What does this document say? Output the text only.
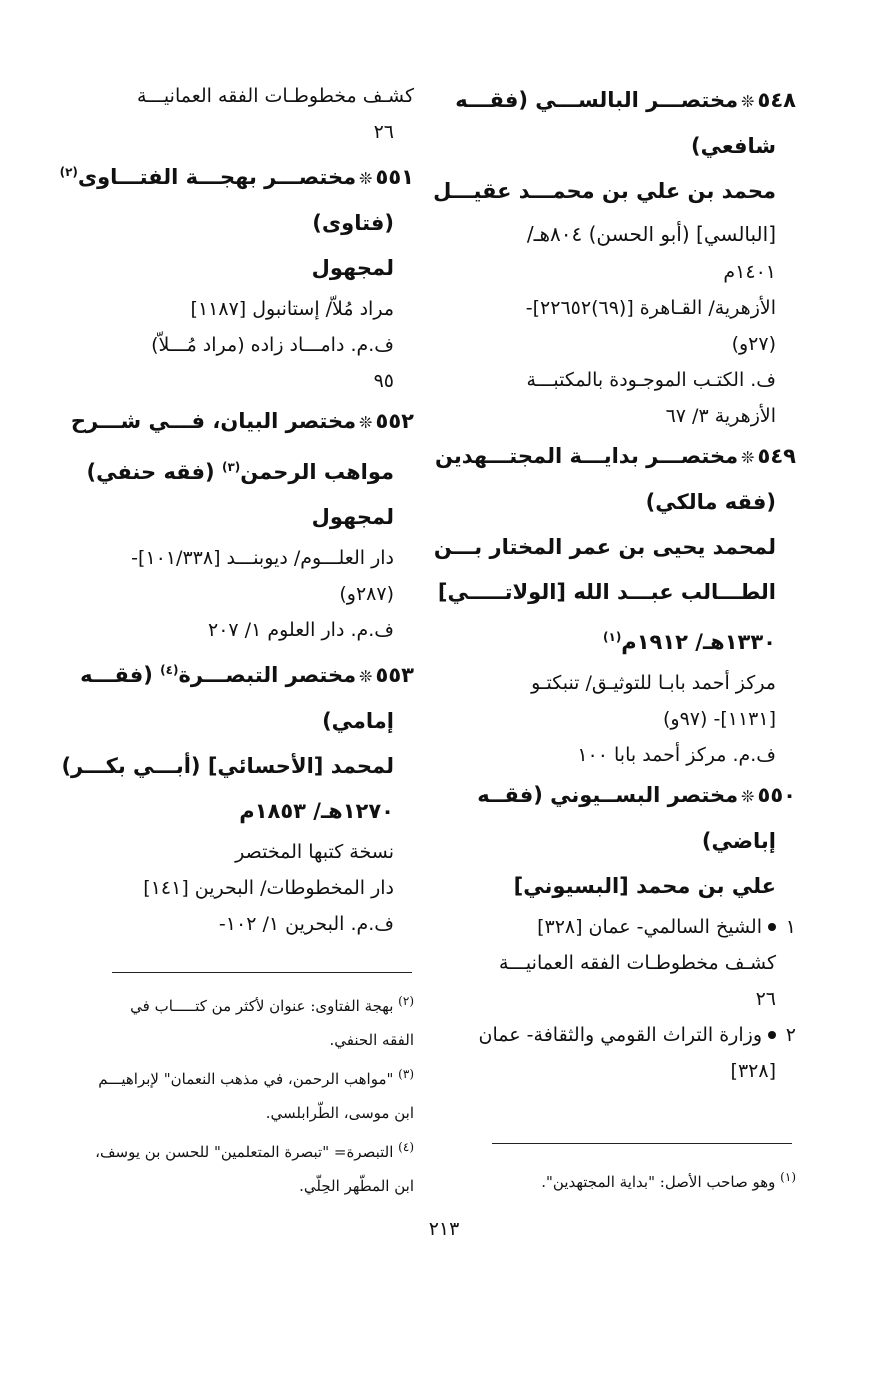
٥٤٨❊مختصـــر البالســـي (فقـــه
شافعي)
محمد بن علي بن محمـــد عقيـــل
[البالسي] (أبو الحسن) ٨٠٤هـ/
١٤٠١م
الأزهرية/ القـاهرة [(٦٩)٢٢٦٥٢]-
(٢٧و)
ف. الكتـب الموجـودة بالمكتبـــة
الأزهرية ٣/ ٦٧
٥٤٩❊مختصـــر بدايـــة المجتـــهدين
(فقه مالكي)
لمحمد يحيى بن عمر المختار بـــن
الطـــالب عبـــد الله [الولاتـــــي]
١٣٣٠هـ/ ١٩١٢م$^{(١)}$
مركز أحمد بابـا للتوثيـق/ تنبكتـو
[١١٣١]- (٩٧و)
ف.م. مركز أحمد بابا ١٠٠
٥٥٠❊مختصر البســيوني (فقــه
إباضي)
علي بن محمد [البسيوني]
١الشيخ السالمي- عمان [٣٢٨]
كشـف مخطوطـات الفقه العمانيـــة
٢٦
٢وزارة التراث القومي والثقافة- عمان
[٣٢٨]
كشـف مخطوطـات الفقه العمانيـــة
٢٦
٥٥١❊مختصـــر بهجـــة الفتـــاوى$^{(٢)}$
(فتاوى)
لمجهول
مراد مُلاّ/ إستانبول [١١٨٧]
ف.م. دامـــاد زاده (مراد مُـــلاّ)
٩٥
٥٥٢❊مختصر البيان، فـــي شـــرح
مواهب الرحمن$^{(٣)}$ (فقه حنفي)
لمجهول
دار العلـــوم/ ديوبنـــد [١٠١/٣٣٨]-
(٢٨٧و)
ف.م. دار العلوم ١/ ٢٠٧
٥٥٣❊مختصر التبصـــرة$^{(٤)}$ (فقـــه
إمامي)
لمحمد [الأحسائي] (أبـــي بكـــر)
١٢٧٠هـ/ ١٨٥٣م
نسخة كتبها المختصر
دار المخطوطات/ البحرين [١٤١]
ف.م. البحرين ١/ ١٠٢-
$^{(٢)}$ بهجة الفتاوى: عنوان لأكثر من كتـــــاب في
الفقه الحنفي.
$^{(٣)}$ "مواهب الرحمن، في مذهب النعمان" لإبراهيـــم
ابن موسى، الطّرابلسي.
$^{(٤)}$ التبصرة= "تبصرة المتعلمين" للحسن بن يوسف،
ابن المطّهر الحِلّي.	$^{(١)}$ وهو صاحب الأصل: "بداية المجتهدين".
٢١٣
